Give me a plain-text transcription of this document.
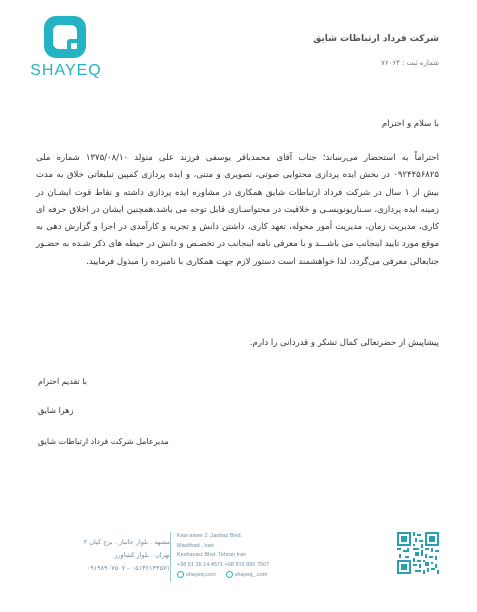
SHAYEQ
شرکت فرداد ارتباطات شایق
شماره ثبت : ۷۶۰۶۴
با سلام و احترام

احتراماً به استحضار می‌رساند؛ جناب آقای محمدباقر یوسفی فرزند علی متولد ۱۳۷۵/۰۸/۱۰ شماره ملی ۰۹۲۴۴۵۶۸۲۵ در بخش ایده پردازی محتوایی صوتی، تصویری و متنی، و ایده پردازی کمپین تبلیغاتی خلاق به مدت بیش از ۱ سال در شرکت فرداد ارتباطات شایق همکاری در مشاوره ایده پردازی داشته و نقاط قوت ایشـان در زمینه ایده پردازی، سـناریونویسـی و خلاقیت در محتواسـازی قابل توجه می باشد.همچنین ایشان در اخلاق حرفه ای کاری، مدیریت زمان، مدیریت أمور محوله، تعهد کاری، داشتن دانش و تجربه و کارآمدی در اجرا و گزارش دهی به موقع مورد تایید اینجانب می باشـــد و با معرفی نامه اینجانب در تخصـص و دانش در حیطه های ذکر شـده به حضـور جنابعالی معرفی می‌گردد، لذا خواهشمند است دستور لازم جهت همکاری با نامبرده را مبذول فرمایید.

پیشاپیش از حضرتعالی کمال تشکر و قدردانی را دارم.
با تقدیم احترام
زهرا شایق
مدیرعامل شرکت فرداد ارتباطات شایق
مشهد . بلوار جانباز . برج کیان ۲
تهران . بلوار کشاورز
۰۵۱۳۶۱۴۴۵۷۱ - ۰۹۱۹۸۹۰۷۵۰۷
Kian tower 2 ,Janbaz Blvd.
Mashhad , Iran
Keshavarz Blvd. Tehran Iran
+98 51 36 14 4571 +98 919 890 7507
shayeq.com	shayeq_.com
